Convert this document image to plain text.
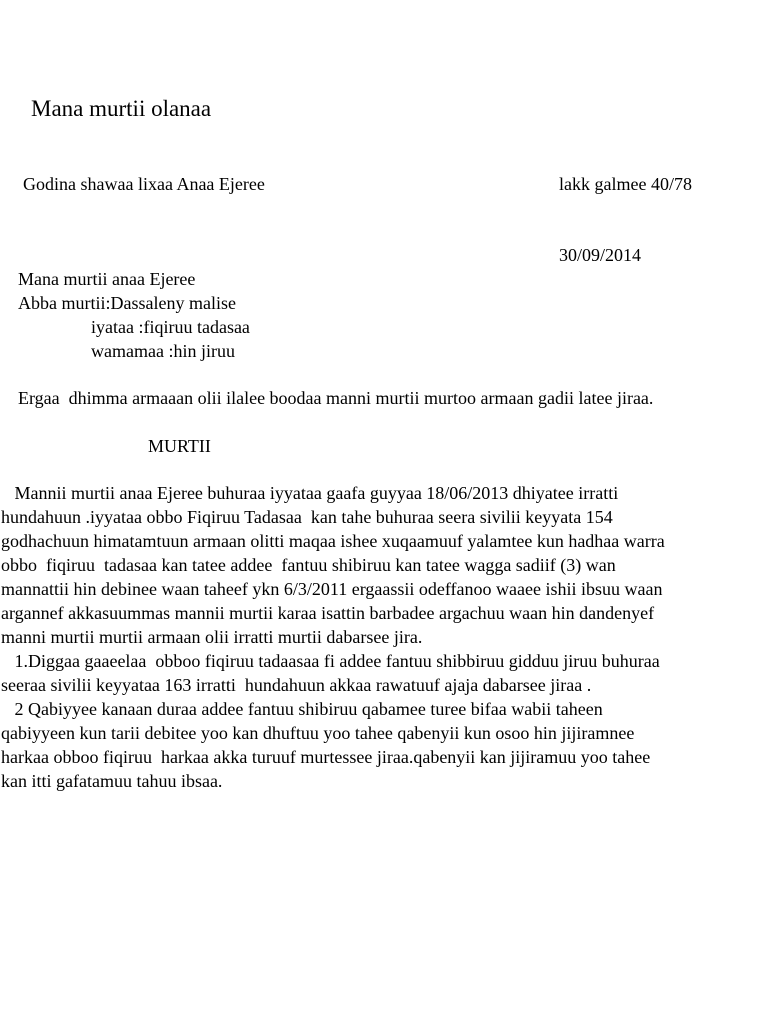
Mana murtii olanaa
Godina shawaa lixaa Anaa Ejeree	lakk galmee 40/78
30/09/2014
Mana murtii anaa Ejeree
Abba murtii:Dassaleny malise
iyataa :fiqiruu tadasaa
wamamaa :hin jiruu
Ergaa  dhimma armaaan olii ilalee boodaa manni murtii murtoo armaan gadii latee jiraa.
MURTII
Mannii murtii anaa Ejeree buhuraa iyyataa gaafa guyyaa 18/06/2013 dhiyatee irratti
hundahuun .iyyataa obbo Fiqiruu Tadasaa  kan tahe buhuraa seera sivilii keyyata 154
godhachuun himatamtuun armaan olitti maqaa ishee xuqaamuuf yalamtee kun hadhaa warra
obbo  fiqiruu  tadasaa kan tatee addee  fantuu shibiruu kan tatee wagga sadiif (3) wan
mannattii hin debinee waan taheef ykn 6/3/2011 ergaassii odeffanoo waaee ishii ibsuu waan
argannef akkasuummas mannii murtii karaa isattin barbadee argachuu waan hin dandenyef
manni murtii murtii armaan olii irratti murtii dabarsee jira.
1.Diggaa gaaeelaa  obboo fiqiruu tadaasaa fi addee fantuu shibbiruu gidduu jiruu buhuraa
seeraa sivilii keyyataa 163 irratti  hundahuun akkaa rawatuuf ajaja dabarsee jiraa .
2 Qabiyyee kanaan duraa addee fantuu shibiruu qabamee turee bifaa wabii taheen
qabiyyeen kun tarii debitee yoo kan dhuftuu yoo tahee qabenyii kun osoo hin jijiramnee
harkaa obboo fiqiruu  harkaa akka turuuf murtessee jiraa.qabenyii kan jijiramuu yoo tahee
kan itti gafatamuu tahuu ibsaa.
